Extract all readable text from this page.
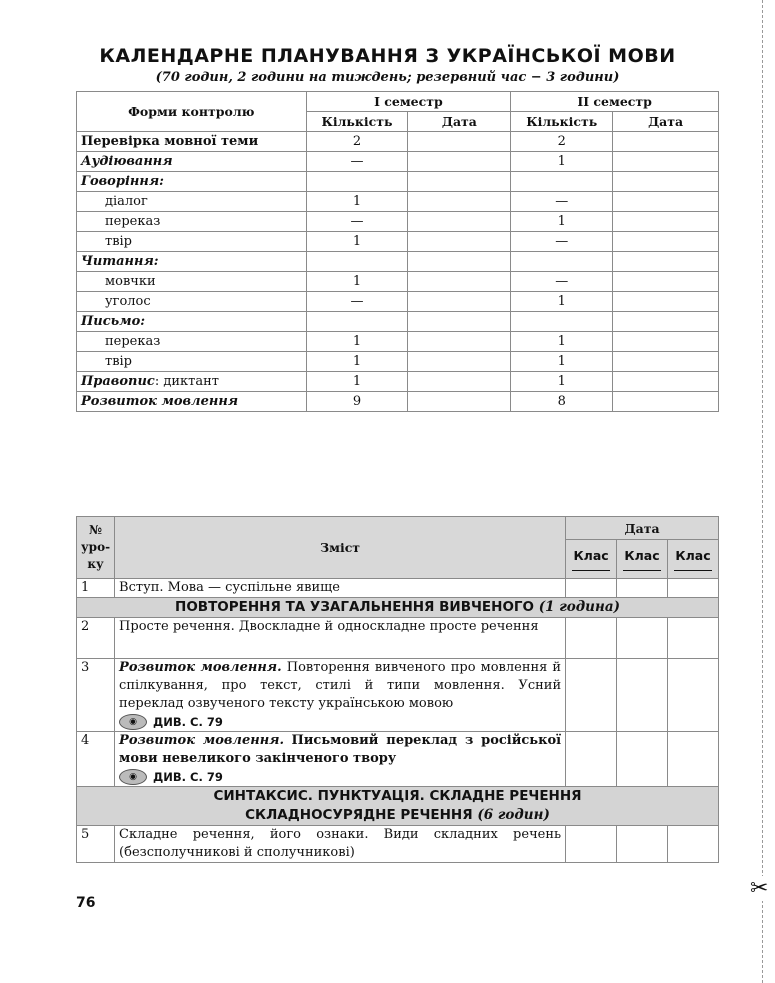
КАЛЕНДАРНЕ ПЛАНУВАННЯ З УКРАЇНСЬКОЇ МОВИ
(70 годин, 2 години на тиждень; резервний час − 3 години)
Форми контролю	І семестр		ІІ семестр	
	Кількість	Дата	Кількість	Дата
Перевірка мовної теми	2		2	
Аудіювання	—		1	
Говоріння:				
діалог	1		—	
переказ	—		1	
твір	1		—	
Читання:				
мовчки	1		—	
уголос	—		1	
Письмо:				
переказ	1		1	
твір	1		1	
Правопис: диктант	1		1	
Розвиток мовлення	9		8	
№ уро-ку	Зміст	Дата		

		Клас	Клас	Клас

1	Вступ. Мова — суспільне явище			
ПОВТОРЕННЯ ТА УЗАГАЛЬНЕННЯ ВИВЧЕНОГО (1 година)				
2	Просте речення. Двоскладне й односкладне просте речення			
3	Розвиток мовлення. Повторення вивченого про мовлення й спілкування, про текст, стилі й типи мовлення. Усний переклад озвученого тексту українською мовою
◉ ДИВ. С. 79			

4	Розвиток мовлення. Письмовий переклад з російської мови невеликого закінченого твору
◉ ДИВ. С. 79			

СИНТАКСИС. ПУНКТУАЦІЯ. СКЛАДНЕ РЕЧЕННЯ
СКЛАДНОСУРЯДНЕ РЕЧЕННЯ (6 годин)				

5	Складне речення, його ознаки. Види складних речень (безсполучникові й сполучникові)			
76
✂
